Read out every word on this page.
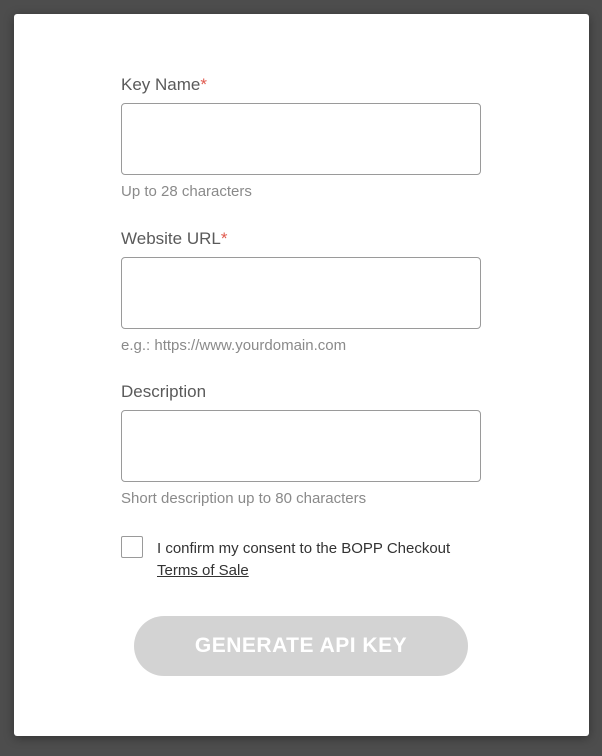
Key Name*
Up to 28 characters
Website URL*
e.g.: https://www.yourdomain.com
Description
Short description up to 80 characters
I confirm my consent to the BOPP Checkout
Terms of Sale
GENERATE API KEY
